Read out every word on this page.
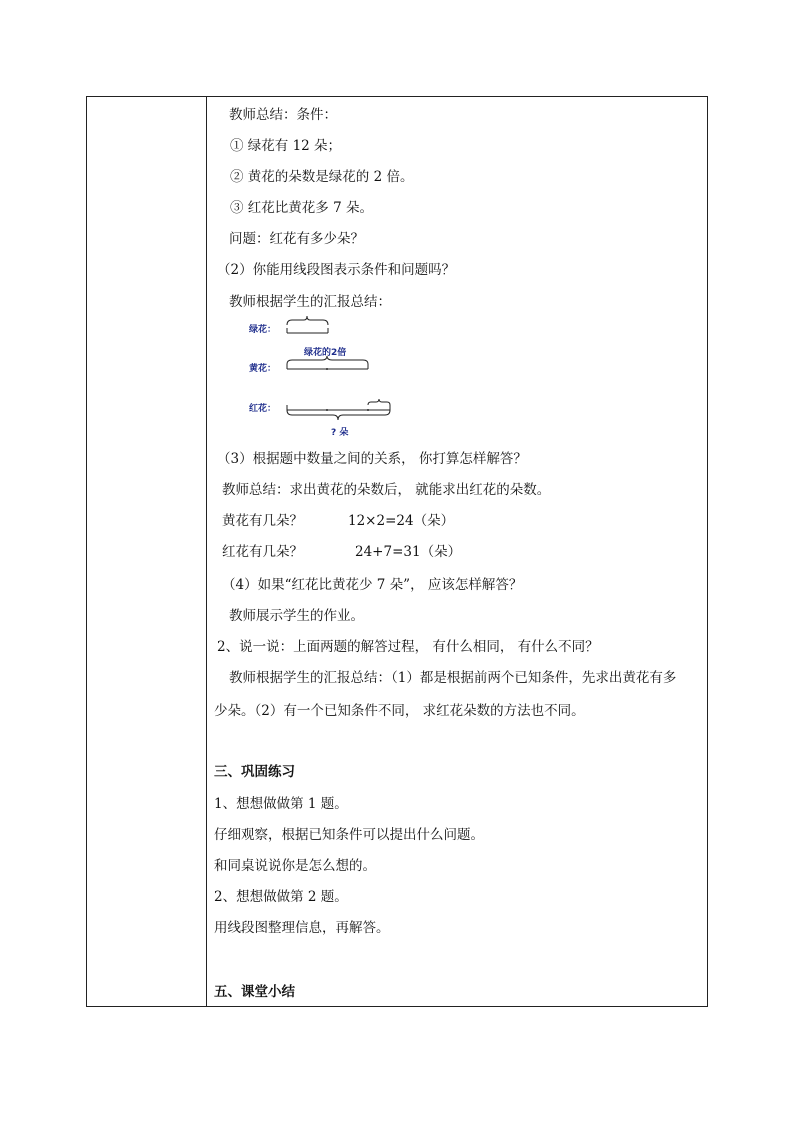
教师总结：条件：
① 绿花有 12 朵；
② 黄花的朵数是绿花的 2 倍。
③ 红花比黄花多 7 朵。
问题：红花有多少朵？
（2）你能用线段图表示条件和问题吗？
教师根据学生的汇报总结：
绿花：
黄花：
绿花的2倍
红花：
? 朵
（3）根据题中数量之间的关系， 你打算怎样解答？
教师总结：求出黄花的朵数后， 就能求出红花的朵数。
黄花有几朵？	12×2=24（朵）
红花有几朵？	24+7=31（朵）
（4）如果“红花比黄花少 7 朵”， 应该怎样解答？
教师展示学生的作业。
2、说一说：上面两题的解答过程， 有什么相同， 有什么不同？
教师根据学生的汇报总结：（1）都是根据前两个已知条件，先求出黄花有多
少朵。（2）有一个已知条件不同， 求红花朵数的方法也不同。
三、巩固练习
1、想想做做第 1 题。
仔细观察，根据已知条件可以提出什么问题。
和同桌说说你是怎么想的。
2、想想做做第 2 题。
用线段图整理信息，再解答。
五、课堂小结
